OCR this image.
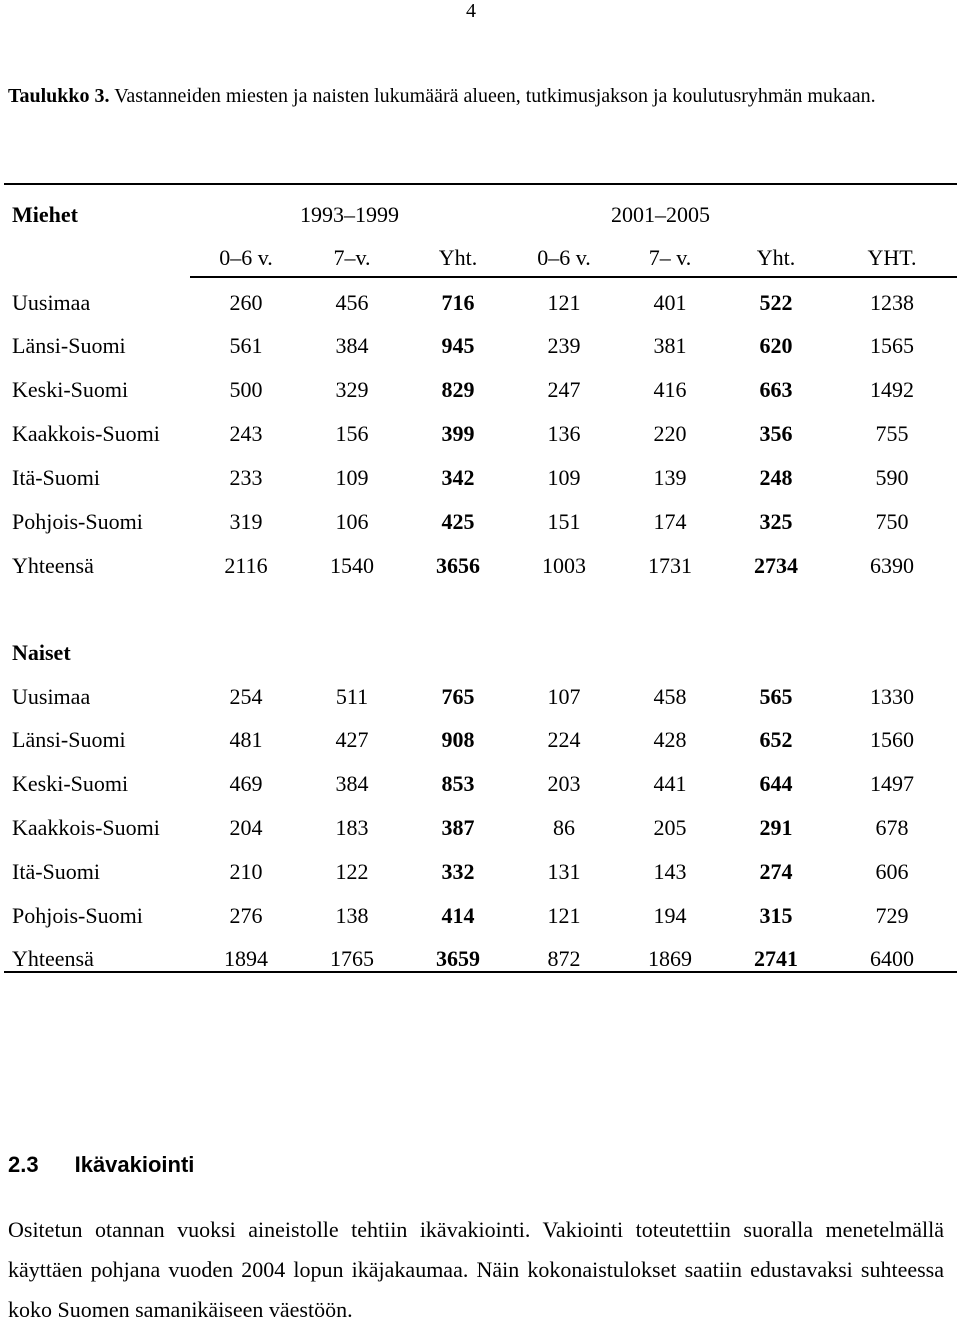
4
Taulukko 3. Vastanneiden miesten ja naisten lukumäärä alueen, tutkimusjakson ja koulutusryhmän mukaan.
Miehet	1993–1999	2001–2005
0–6 v.	7–v.	Yht.	0–6 v.	7– v.	Yht.	YHT.
Uusimaa	260	456	716	121	401	522	1238
Länsi-Suomi	561	384	945	239	381	620	1565
Keski-Suomi	500	329	829	247	416	663	1492
Kaakkois-Suomi	243	156	399	136	220	356	755
Itä-Suomi	233	109	342	109	139	248	590
Pohjois-Suomi	319	106	425	151	174	325	750
Yhteensä	2116	1540	3656	1003	1731	2734	6390
Naiset
Uusimaa	254	511	765	107	458	565	1330
Länsi-Suomi	481	427	908	224	428	652	1560
Keski-Suomi	469	384	853	203	441	644	1497
Kaakkois-Suomi	204	183	387	86	205	291	678
Itä-Suomi	210	122	332	131	143	274	606
Pohjois-Suomi	276	138	414	121	194	315	729
Yhteensä	1894	1765	3659	872	1869	2741	6400
2.3 Ikävakiointi
Ositetun otannan vuoksi aineistolle tehtiin ikävakiointi. Vakiointi toteutettiin suoralla menetelmällä käyttäen pohjana vuoden 2004 lopun ikäjakaumaa. Näin kokonaistulokset saatiin edustavaksi suhteessa koko Suomen samanikäiseen väestöön.
